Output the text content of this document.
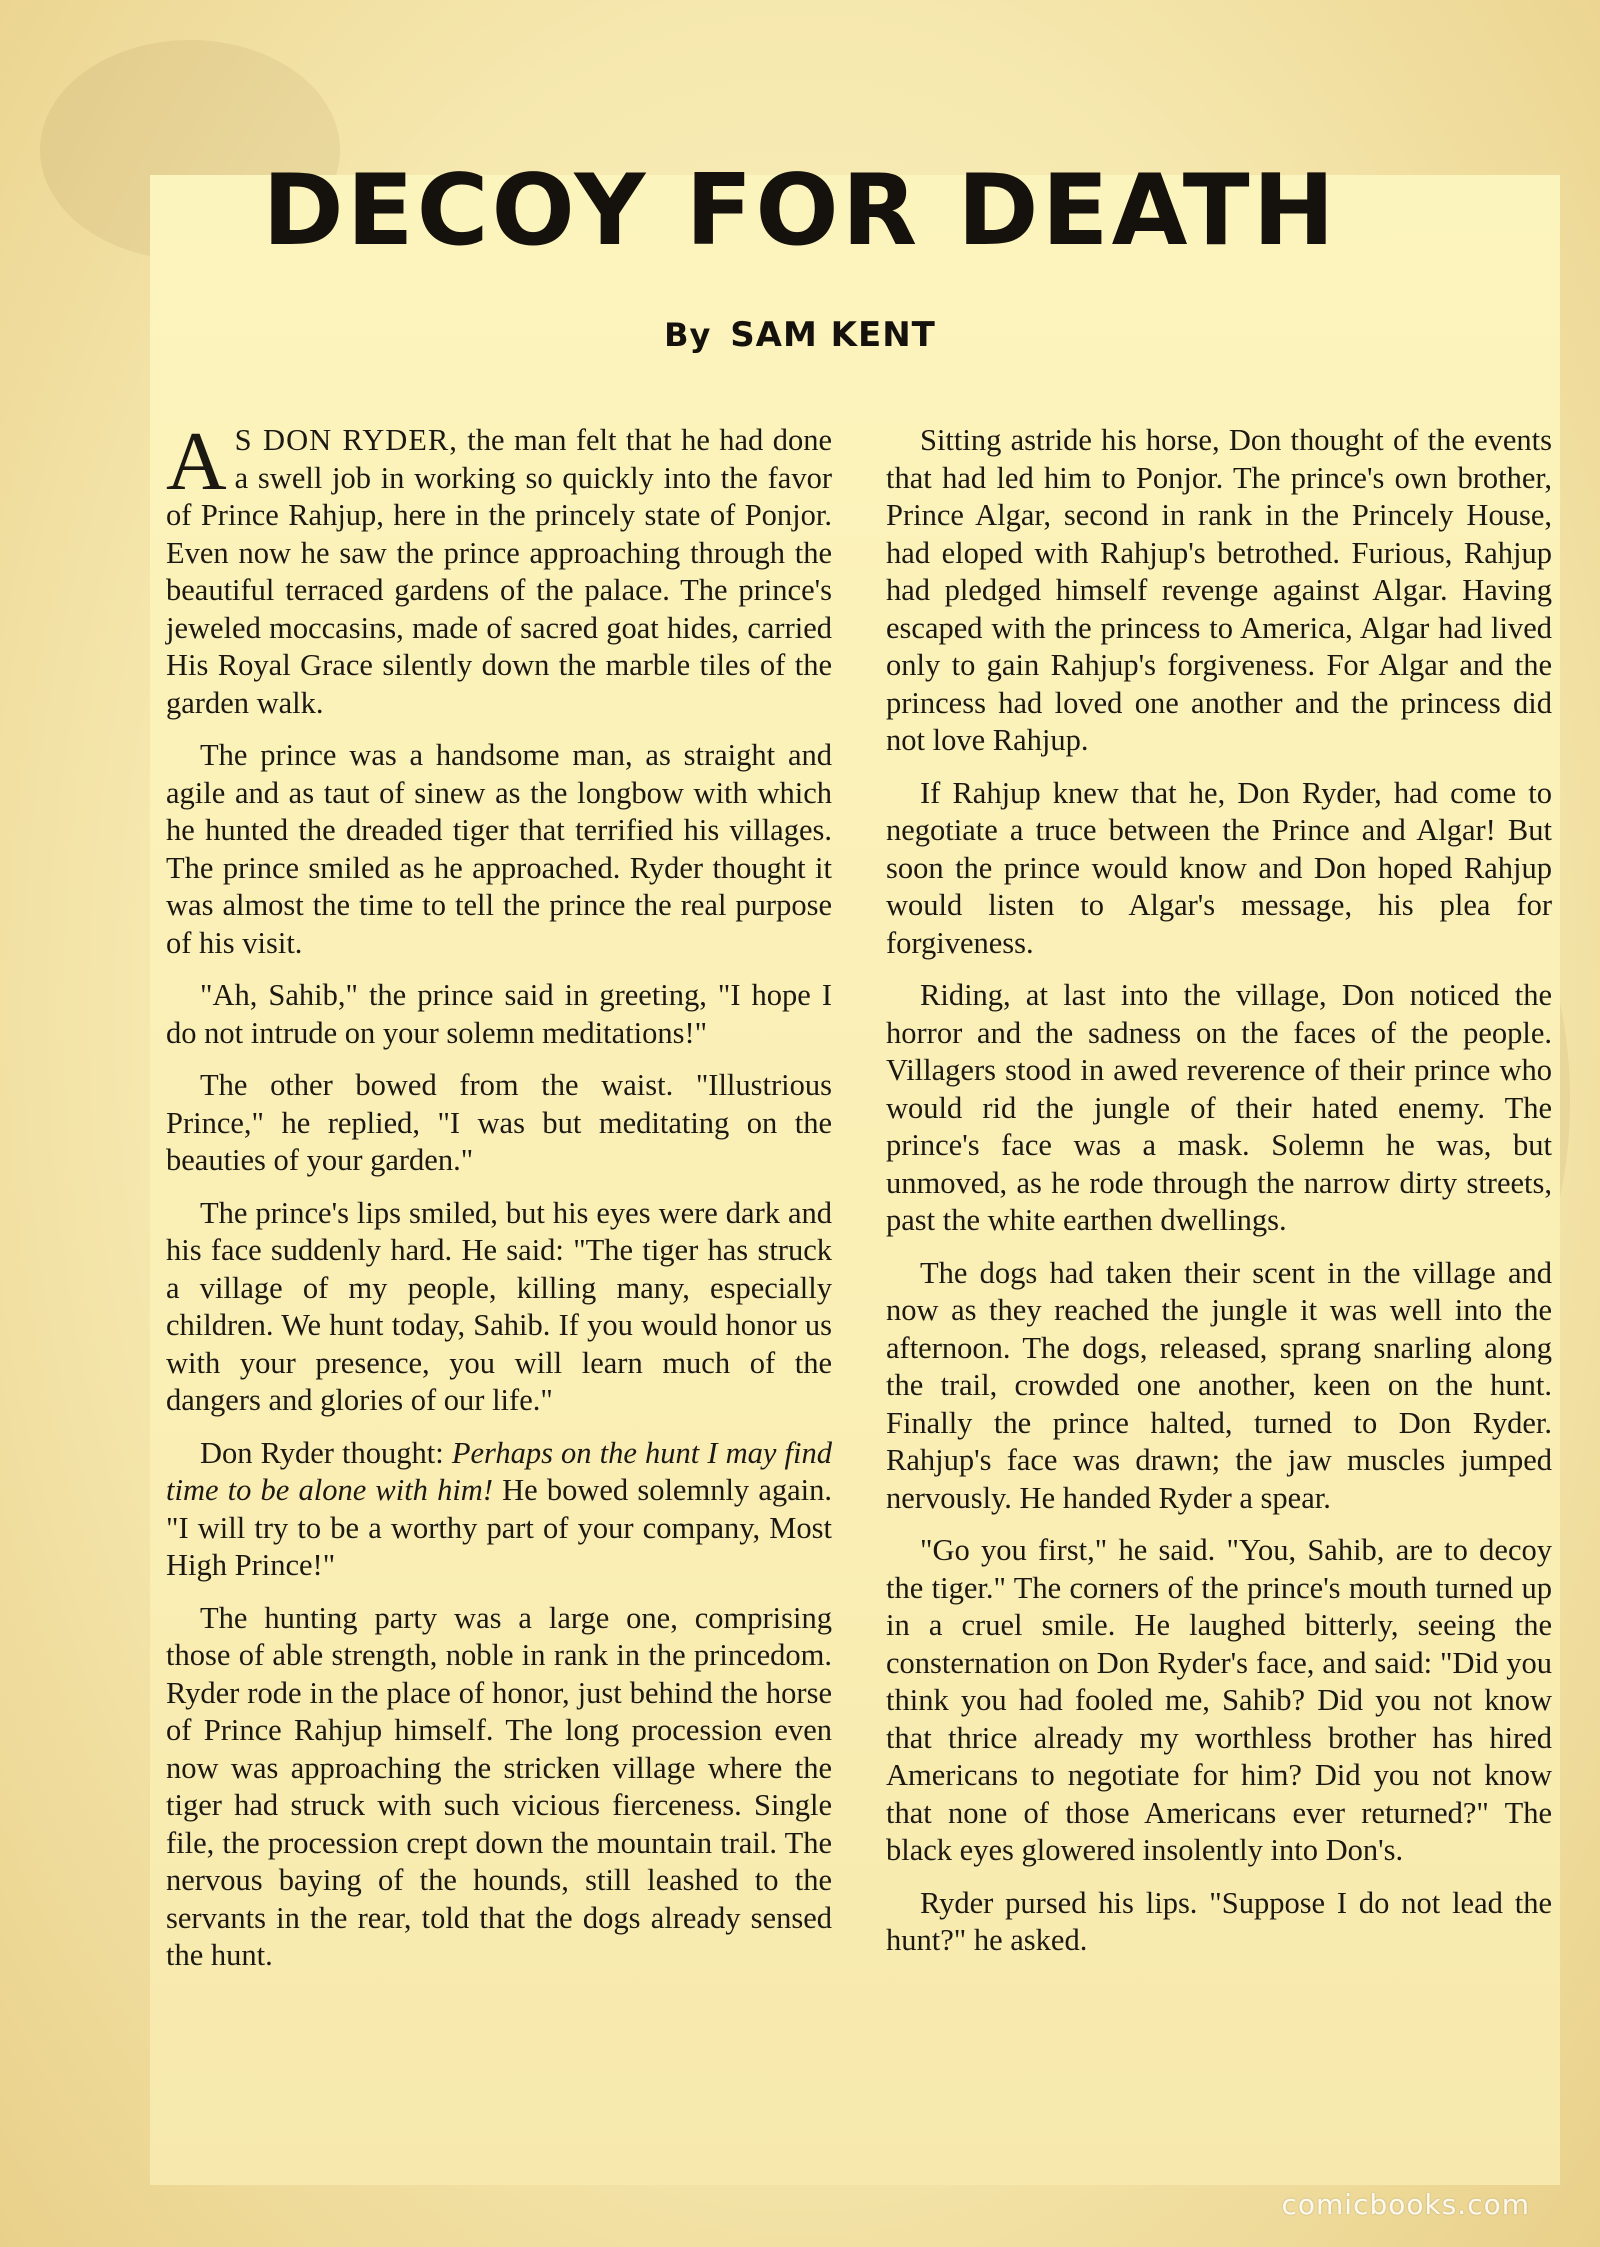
DECOY FOR DEATH
By SAM KENT

A S DON RYDER, the man felt that he had done a swell job in working so quickly into the favor of Prince Rahjup, here in the princely state of Ponjor. Even now he saw the prince approaching through the beautiful terraced gardens of the palace. The prince's jeweled moccasins, made of sacred goat hides, carried His Royal Grace silently down the marble tiles of the garden walk.

The prince was a handsome man, as straight and agile and as taut of sinew as the longbow with which he hunted the dreaded tiger that terrified his villages. The prince smiled as he approached. Ryder thought it was almost the time to tell the prince the real purpose of his visit.

"Ah, Sahib," the prince said in greeting, "I hope I do not intrude on your solemn meditations!"

The other bowed from the waist. "Illustrious Prince," he replied, "I was but meditating on the beauties of your garden."

The prince's lips smiled, but his eyes were dark and his face suddenly hard. He said: "The tiger has struck a village of my people, killing many, especially children. We hunt today, Sahib. If you would honor us with your presence, you will learn much of the dangers and glories of our life."

Don Ryder thought: Perhaps on the hunt I may find time to be alone with him! He bowed solemnly again. "I will try to be a worthy part of your company, Most High Prince!"

The hunting party was a large one, comprising those of able strength, noble in rank in the princedom. Ryder rode in the place of honor, just behind the horse of Prince Rahjup himself. The long procession even now was approaching the stricken village where the tiger had struck with such vicious fierceness. Single file, the procession crept down the mountain trail. The nervous baying of the hounds, still leashed to the servants in the rear, told that the dogs already sensed the hunt.

Sitting astride his horse, Don thought of the events that had led him to Ponjor. The prince's own brother, Prince Algar, second in rank in the Princely House, had eloped with Rahjup's betrothed. Furious, Rahjup had pledged himself revenge against Algar. Having escaped with the princess to America, Algar had lived only to gain Rahjup's forgiveness. For Algar and the princess had loved one another and the princess did not love Rahjup.

If Rahjup knew that he, Don Ryder, had come to negotiate a truce between the Prince and Algar! But soon the prince would know and Don hoped Rahjup would listen to Algar's message, his plea for forgiveness.

Riding, at last into the village, Don noticed the horror and the sadness on the faces of the people. Villagers stood in awed reverence of their prince who would rid the jungle of their hated enemy. The prince's face was a mask. Solemn he was, but unmoved, as he rode through the narrow dirty streets, past the white earthen dwellings.

The dogs had taken their scent in the village and now as they reached the jungle it was well into the afternoon. The dogs, released, sprang snarling along the trail, crowded one another, keen on the hunt. Finally the prince halted, turned to Don Ryder. Rahjup's face was drawn; the jaw muscles jumped nervously. He handed Ryder a spear.

"Go you first," he said. "You, Sahib, are to decoy the tiger." The corners of the prince's mouth turned up in a cruel smile. He laughed bitterly, seeing the consternation on Don Ryder's face, and said: "Did you think you had fooled me, Sahib? Did you not know that thrice already my worthless brother has hired Americans to negotiate for him? Did you not know that none of those Americans ever returned?" The black eyes glowered insolently into Don's.

Ryder pursed his lips. "Suppose I do not lead the hunt?" he asked.

comicbooks.com
